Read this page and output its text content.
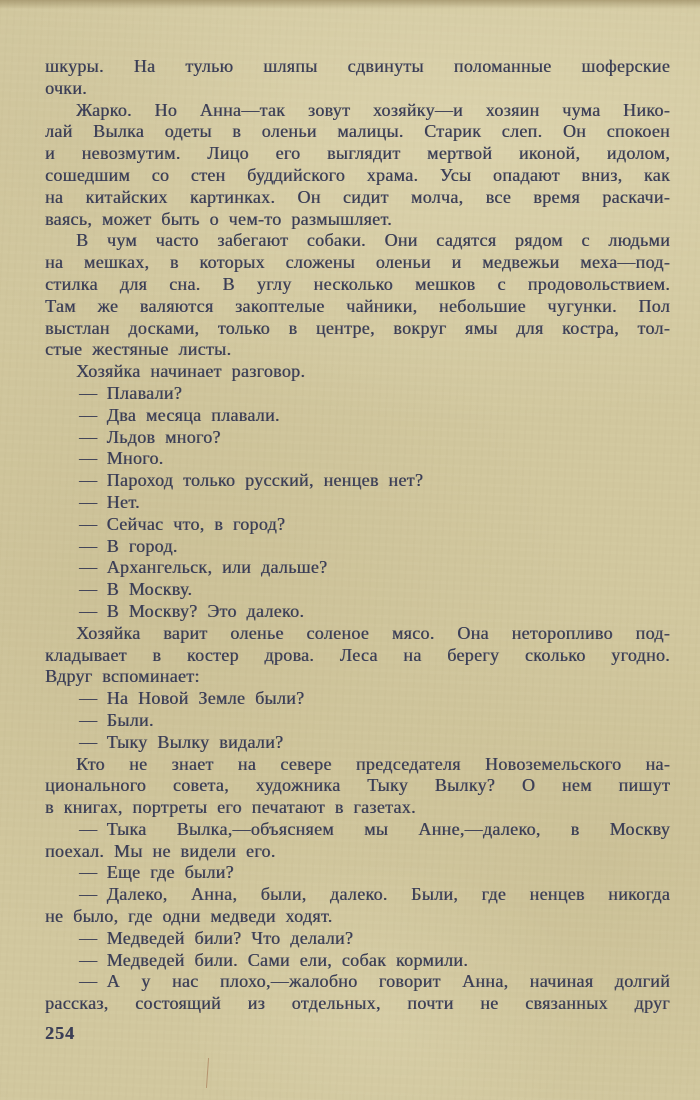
шкуры. На тулью шляпы сдвинуты поломанные шоферские
очки.
Жарко. Но Анна—так зовут хозяйку—и хозяин чума Нико-
лай Вылка одеты в оленьи малицы. Старик слеп. Он спокоен
и невозмутим. Лицо его выглядит мертвой иконой, идолом,
сошедшим со стен буддийского храма. Усы опадают вниз, как
на китайских картинках. Он сидит молча, все время раскачи-
ваясь, может быть о чем-то размышляет.
В чум часто забегают собаки. Они садятся рядом с людьми
на мешках, в которых сложены оленьи и медвежьи меха—под-
стилка для сна. В углу несколько мешков с продовольствием.
Там же валяются закоптелые чайники, небольшие чугунки. Пол
выстлан досками, только в центре, вокруг ямы для костра, тол-
стые жестяные листы.
Хозяйка начинает разговор.
— Плавали?
— Два месяца плавали.
— Льдов много?
— Много.
— Пароход только русский, ненцев нет?
— Нет.
— Сейчас что, в город?
— В город.
— Архангельск, или дальше?
— В Москву.
— В Москву? Это далеко.
Хозяйка варит оленье соленое мясо. Она неторопливо под-
кладывает в костер дрова. Леса на берегу сколько угодно.
Вдруг вспоминает:
— На Новой Земле были?
— Были.
— Тыку Вылку видали?
Кто не знает на севере председателя Новоземельского на-
ционального совета, художника Тыку Вылку? О нем пишут
в книгах, портреты его печатают в газетах.
— Тыка Вылка,—объясняем мы Анне,—далеко, в Москву
поехал. Мы не видели его.
— Еще где были?
— Далеко, Анна, были, далеко. Были, где ненцев никогда
не было, где одни медведи ходят.
— Медведей били? Что делали?
— Медведей били. Сами ели, собак кормили.
— А у нас плохо,—жалобно говорит Анна, начиная долгий
рассказ, состоящий из отдельных, почти не связанных друг
254
